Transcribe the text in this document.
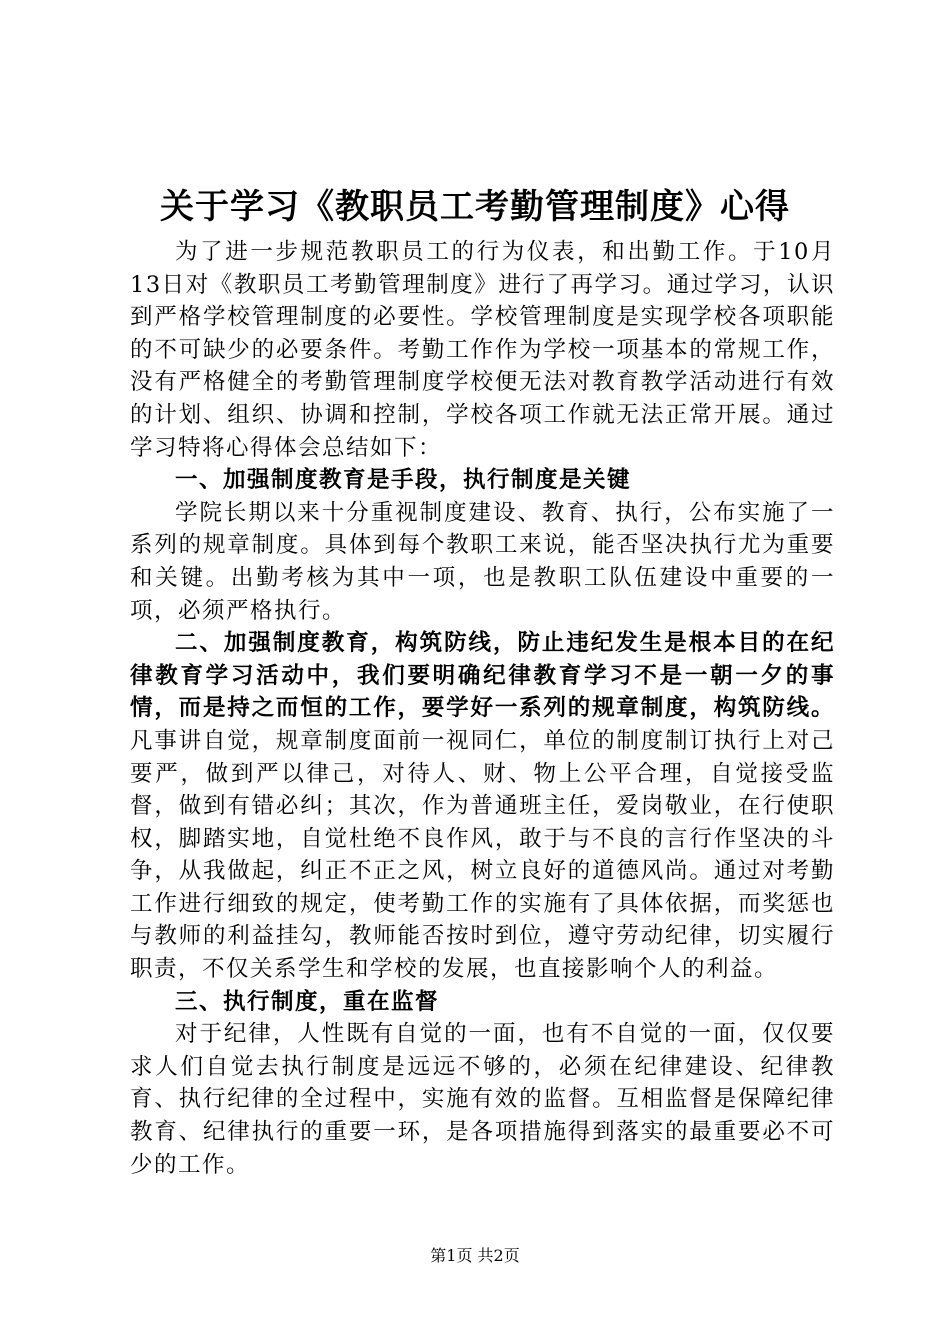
关于学习《教职员工考勤管理制度》心得

为了进一步规范教职员工的行为仪表，和出勤工作。于10月13日对《教职员工考勤管理制度》进行了再学习。通过学习，认识到严格学校管理制度的必要性。学校管理制度是实现学校各项职能的不可缺少的必要条件。考勤工作作为学校一项基本的常规工作，没有严格健全的考勤管理制度学校便无法对教育教学活动进行有效的计划、组织、协调和控制，学校各项工作就无法正常开展。通过学习特将心得体会总结如下：

一、加强制度教育是手段，执行制度是关键

学院长期以来十分重视制度建设、教育、执行，公布实施了一系列的规章制度。具体到每个教职工来说，能否坚决执行尤为重要和关键。出勤考核为其中一项，也是教职工队伍建设中重要的一项，必须严格执行。

二、加强制度教育，构筑防线，防止违纪发生是根本目的在纪律教育学习活动中，我们要明确纪律教育学习不是一朝一夕的事情，而是持之而恒的工作，要学好一系列的规章制度，构筑防线。凡事讲自觉，规章制度面前一视同仁，单位的制度制订执行上对己要严，做到严以律己，对待人、财、物上公平合理，自觉接受监督，做到有错必纠；其次，作为普通班主任，爱岗敬业，在行使职权，脚踏实地，自觉杜绝不良作风，敢于与不良的言行作坚决的斗争，从我做起，纠正不正之风，树立良好的道德风尚。通过对考勤工作进行细致的规定，使考勤工作的实施有了具体依据，而奖惩也与教师的利益挂勾，教师能否按时到位，遵守劳动纪律，切实履行职责，不仅关系学生和学校的发展，也直接影响个人的利益。

三、执行制度，重在监督

对于纪律，人性既有自觉的一面，也有不自觉的一面，仅仅要求人们自觉去执行制度是远远不够的，必须在纪律建设、纪律教育、执行纪律的全过程中，实施有效的监督。互相监督是保障纪律教育、纪律执行的重要一环，是各项措施得到落实的最重要必不可少的工作。

第1页 共2页
